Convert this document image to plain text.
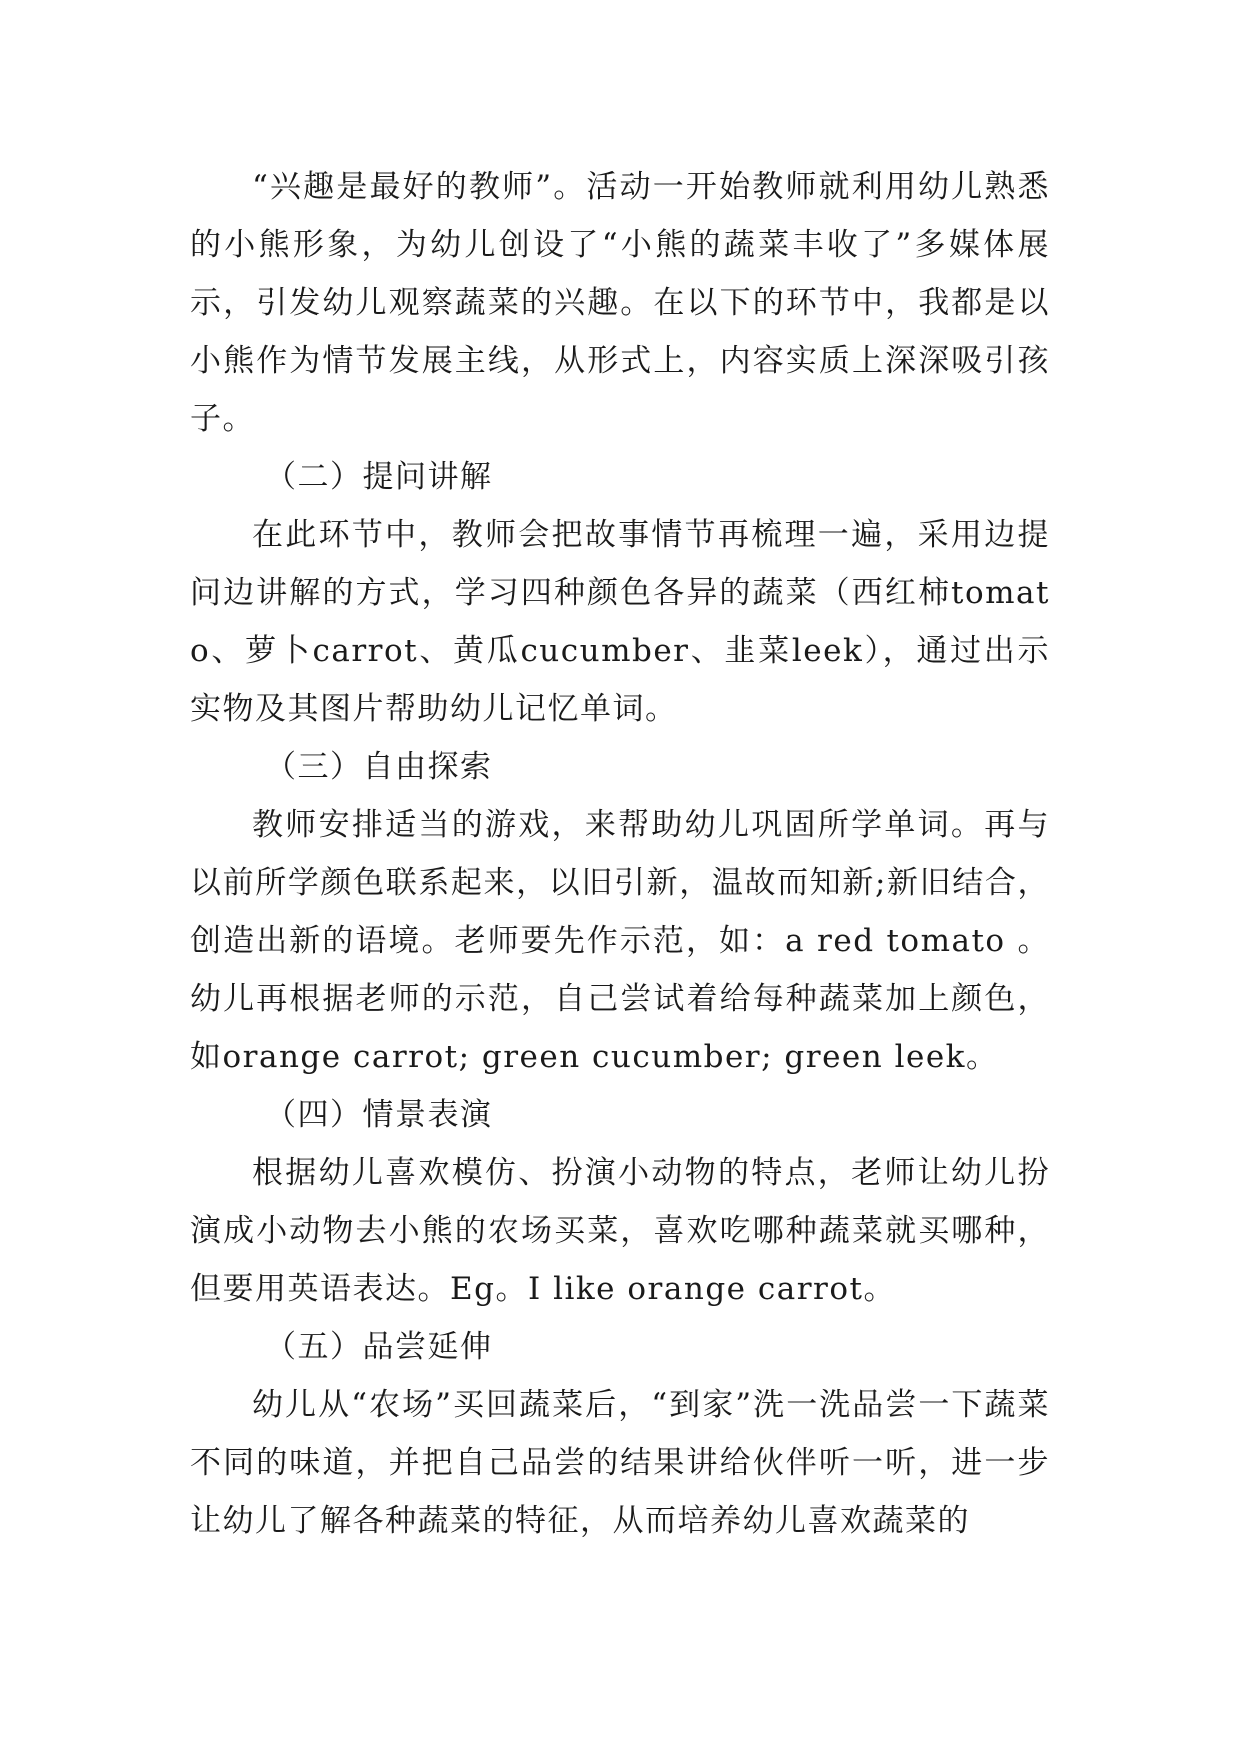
“兴趣是最好的教师”。活动一开始教师就利用幼儿熟悉的小熊形象，为幼儿创设了“小熊的蔬菜丰收了”多媒体展示，引发幼儿观察蔬菜的兴趣。在以下的环节中，我都是以小熊作为情节发展主线，从形式上，内容实质上深深吸引孩子。

（二）提问讲解

在此环节中，教师会把故事情节再梳理一遍，采用边提问边讲解的方式，学习四种颜色各异的蔬菜（西红柿tomato、萝卜carrot、黄瓜cucumber、韭菜leek），通过出示实物及其图片帮助幼儿记忆单词。

（三）自由探索

教师安排适当的游戏，来帮助幼儿巩固所学单词。再与以前所学颜色联系起来，以旧引新，温故而知新;新旧结合，创造出新的语境。老师要先作示范，如：a red tomato 。幼儿再根据老师的示范，自己尝试着给每种蔬菜加上颜色，如orange carrot; green cucumber; green leek。

（四）情景表演

根据幼儿喜欢模仿、扮演小动物的特点，老师让幼儿扮演成小动物去小熊的农场买菜，喜欢吃哪种蔬菜就买哪种，但要用英语表达。Eg。I like orange carrot。

（五）品尝延伸

幼儿从“农场”买回蔬菜后，“到家”洗一洗品尝一下蔬菜不同的味道，并把自己品尝的结果讲给伙伴听一听，进一步让幼儿了解各种蔬菜的特征，从而培养幼儿喜欢蔬菜的
